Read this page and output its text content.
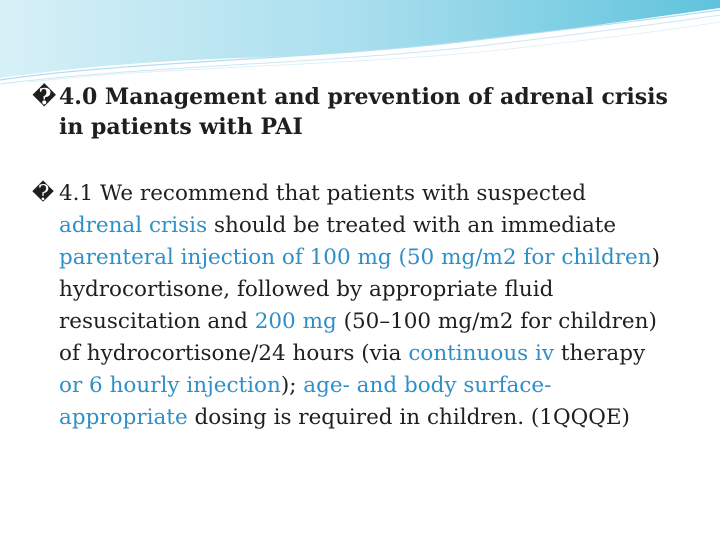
� 4.0 Management and prevention of adrenal crisis
in patients with PAI
� 4.1 We recommend that patients with suspected
adrenal crisis should be treated with an immediate
parenteral injection of 100 mg (50 mg/m2 for children)
hydrocortisone, followed by appropriate fluid
resuscitation and 200 mg (50–100 mg/m2 for children)
of hydrocortisone/24 hours (via continuous iv therapy
or 6 hourly injection); age- and body surface-
appropriate dosing is required in children. (1QQQE)
